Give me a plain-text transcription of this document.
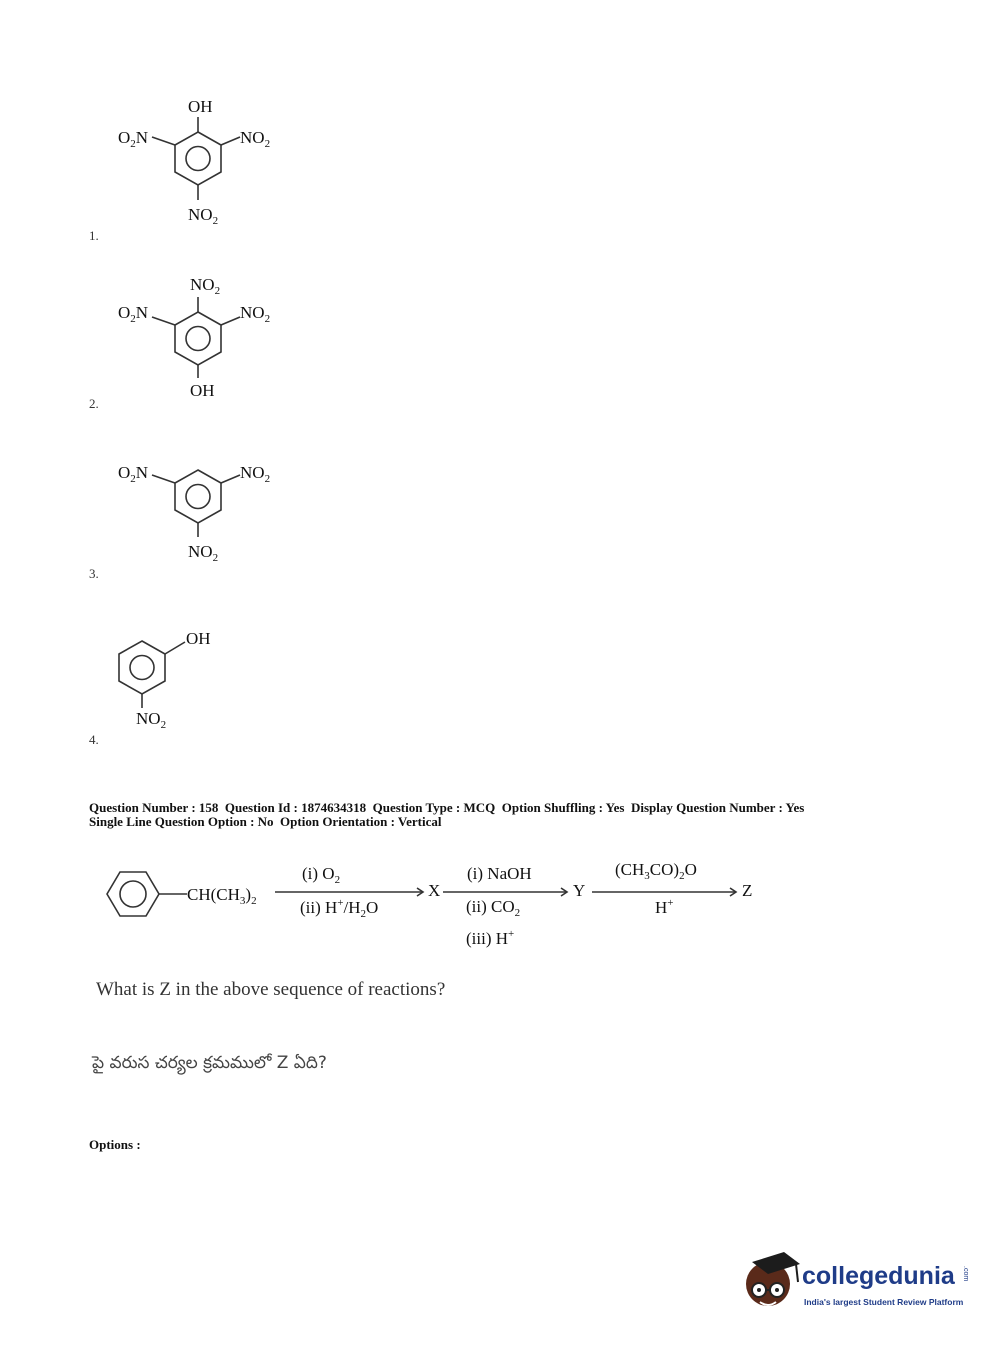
OH
$O_2N$	$NO_2$
$NO_2$
1.
$NO_2$
$O_2N$	$NO_2$
OH
2.
$O_2N$	$NO_2$
$NO_2$
3.
OH
$NO_2$
4.
Question Number : 158  Question Id : 1874634318  Question Type : MCQ  Option Shuffling : Yes  Display Question Number : Yes
Single Line Question Option : No  Option Orientation : Vertical
$CH(CH_3)_2$
(i) $O_2$
(ii) $H^+/H_2O$
X
(i) NaOH
(ii) $CO_2$
(iii) H+
Y
$(CH_3CO)_2O$
H+
Z
What is Z in the above sequence of reactions?
పై వరుస చర్యల క్రమములో Z ఏది?
Options :
collegedunia .com
India's largest Student Review Platform
